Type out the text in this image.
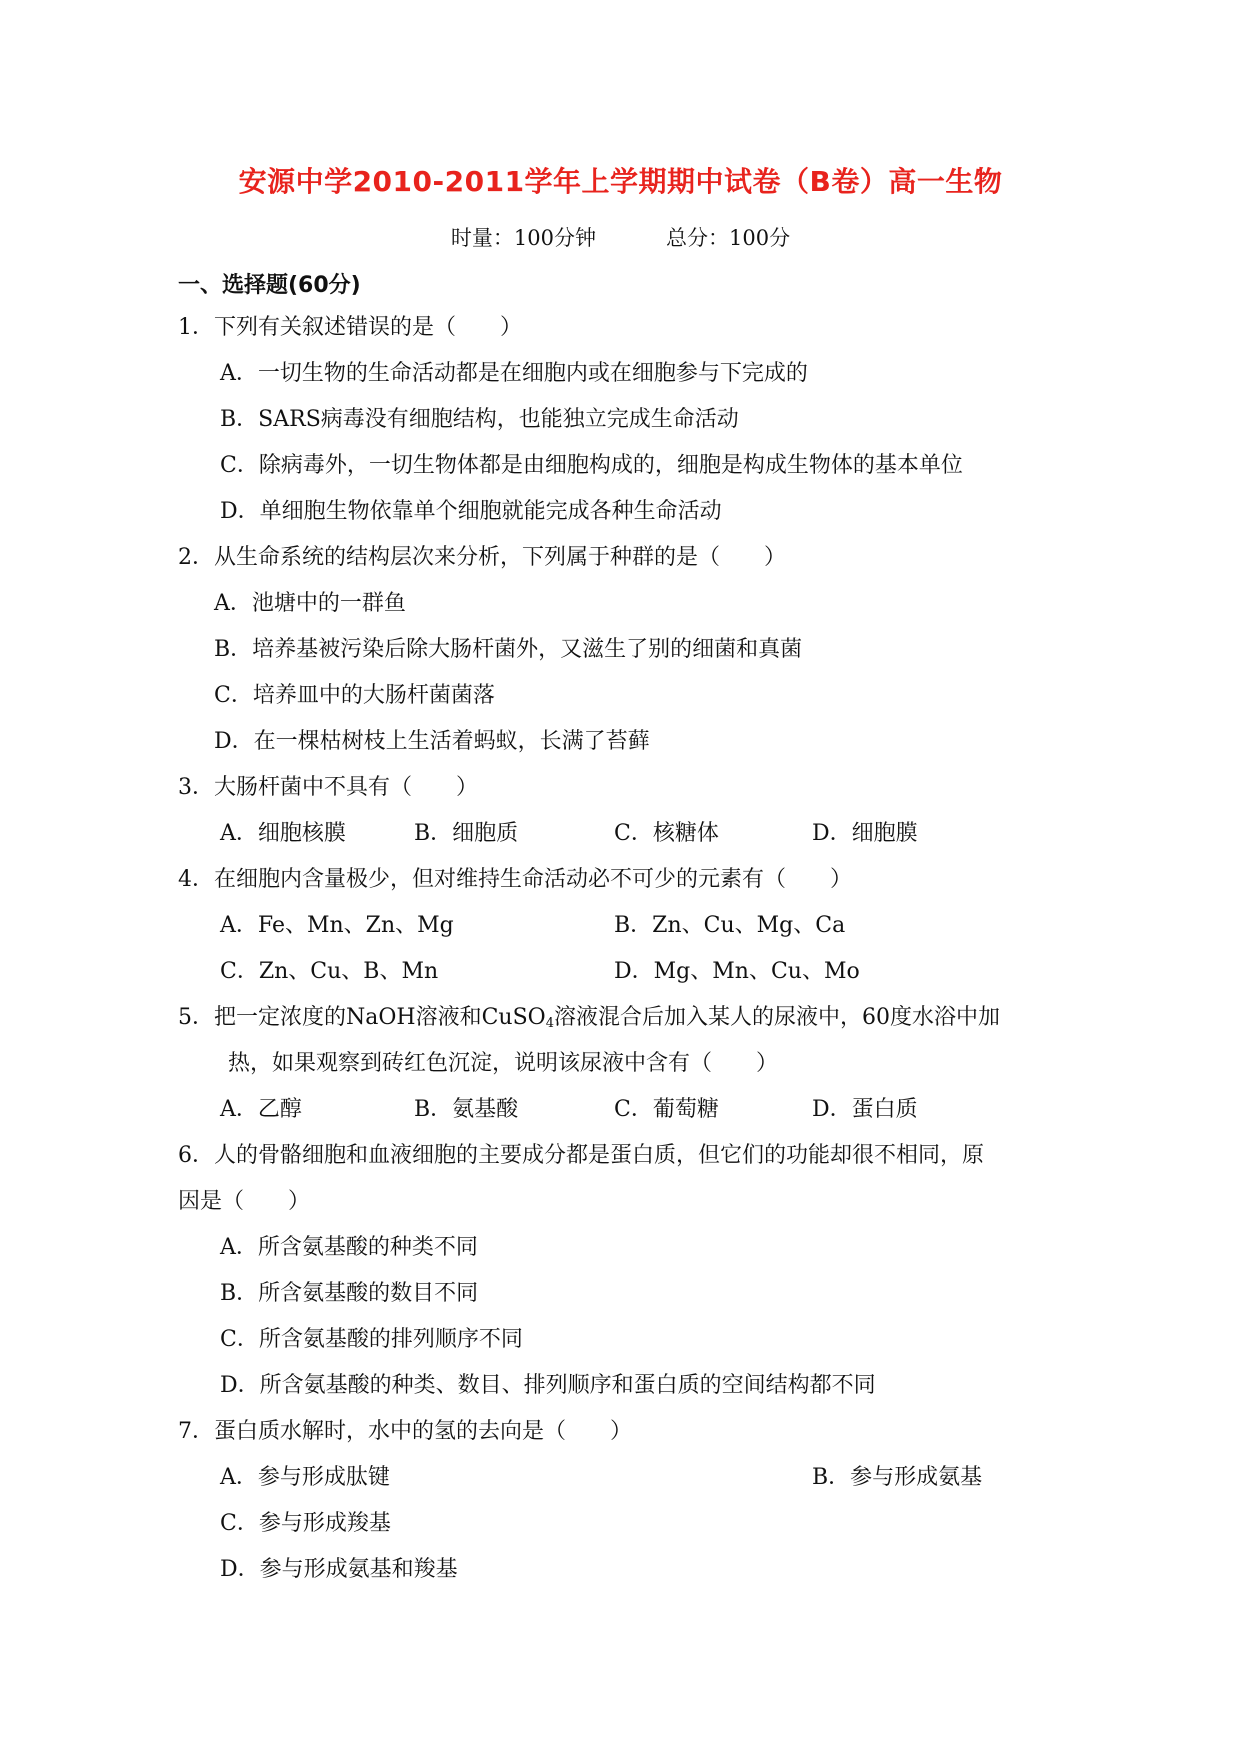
安源中学2010-2011学年上学期期中试卷（B卷）高一生物
时量：100分钟	总分：100分
一、选择题(60分)
1．下列有关叙述错误的是（　　）
A．一切生物的生命活动都是在细胞内或在细胞参与下完成的
B．SARS病毒没有细胞结构，也能独立完成生命活动
C．除病毒外，一切生物体都是由细胞构成的，细胞是构成生物体的基本单位
D．单细胞生物依靠单个细胞就能完成各种生命活动
2．从生命系统的结构层次来分析，下列属于种群的是（　　）
A．池塘中的一群鱼
B．培养基被污染后除大肠杆菌外，又滋生了别的细菌和真菌
C．培养皿中的大肠杆菌菌落
D．在一棵枯树枝上生活着蚂蚁，长满了苔藓
3．大肠杆菌中不具有（　　）
A．细胞核膜	B．细胞质	C．核糖体	D．细胞膜
4．在细胞内含量极少，但对维持生命活动必不可少的元素有（　　）
A．Fe、Mn、Zn、Mg	B．Zn、Cu、Mg、Ca
C．Zn、Cu、B、Mn	D．Mg、Mn、Cu、Mo
5．把一定浓度的NaOH溶液和CuSO$_4$溶液混合后加入某人的尿液中，60度水浴中加
热，如果观察到砖红色沉淀，说明该尿液中含有（　　）
A．乙醇	B．氨基酸	C．葡萄糖	D．蛋白质
6．人的骨骼细胞和血液细胞的主要成分都是蛋白质，但它们的功能却很不相同，原
因是（　　）
A．所含氨基酸的种类不同
B．所含氨基酸的数目不同
C．所含氨基酸的排列顺序不同
D．所含氨基酸的种类、数目、排列顺序和蛋白质的空间结构都不同
7．蛋白质水解时，水中的氢的去向是（　　）
A．参与形成肽键	B．参与形成氨基
C．参与形成羧基
D．参与形成氨基和羧基
